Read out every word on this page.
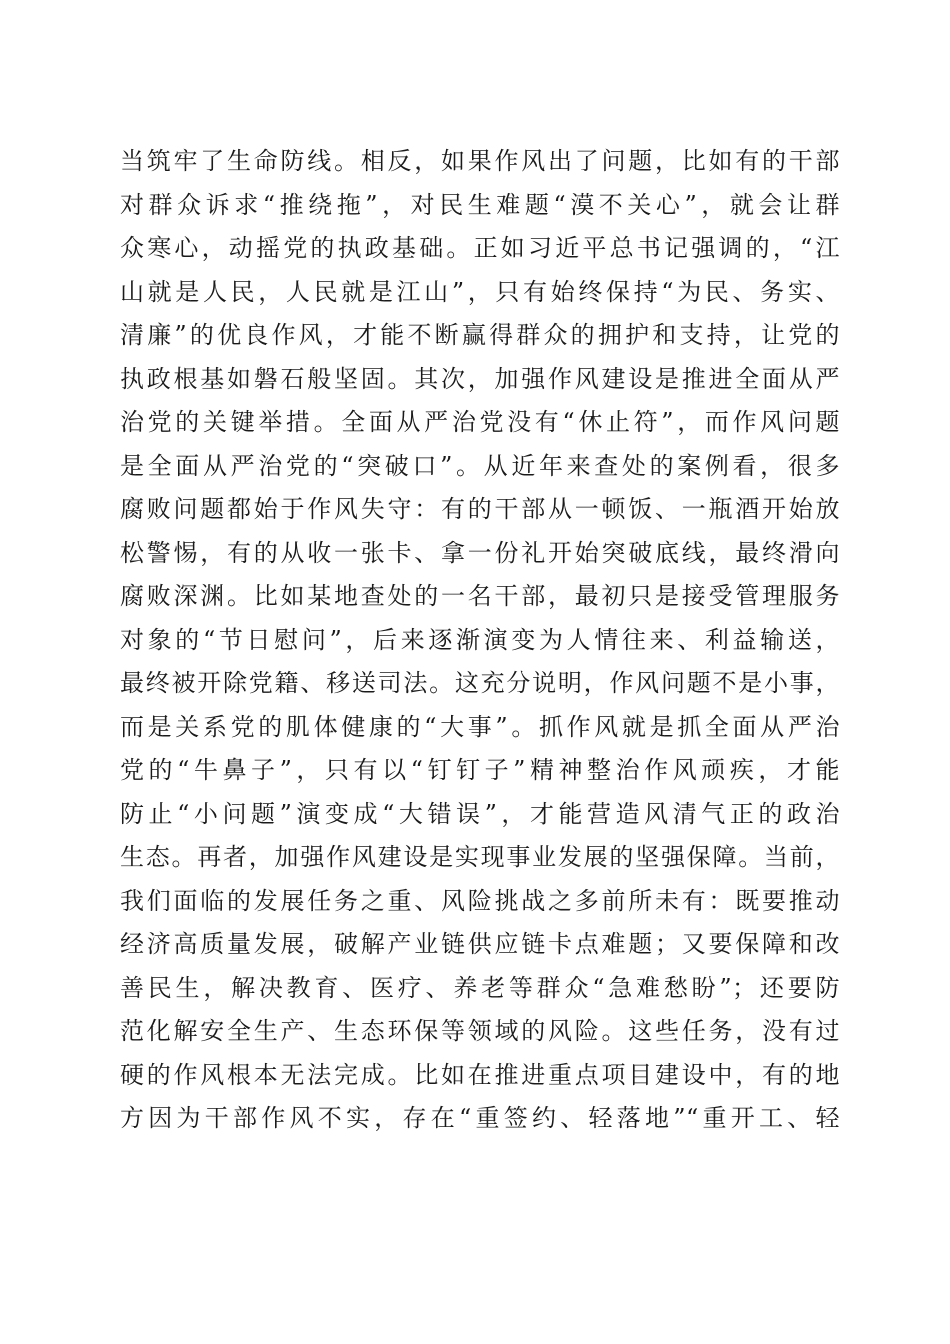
当筑牢了生命防线。相反，如果作风出了问题，比如有的干部
对群众诉求“推绕拖”，对民生难题“漠不关心”，就会让群
众寒心，动摇党的执政基础。正如习近平总书记强调的，“江
山就是人民，人民就是江山”，只有始终保持“为民、务实、
清廉”的优良作风，才能不断赢得群众的拥护和支持，让党的
执政根基如磐石般坚固。其次，加强作风建设是推进全面从严
治党的关键举措。全面从严治党没有“休止符”，而作风问题
是全面从严治党的“突破口”。从近年来查处的案例看，很多
腐败问题都始于作风失守：有的干部从一顿饭、一瓶酒开始放
松警惕，有的从收一张卡、拿一份礼开始突破底线，最终滑向
腐败深渊。比如某地查处的一名干部，最初只是接受管理服务
对象的“节日慰问”，后来逐渐演变为人情往来、利益输送，
最终被开除党籍、移送司法。这充分说明，作风问题不是小事，
而是关系党的肌体健康的“大事”。抓作风就是抓全面从严治
党的“牛鼻子”，只有以“钉钉子”精神整治作风顽疾，才能
防止“小问题”演变成“大错误”，才能营造风清气正的政治
生态。再者，加强作风建设是实现事业发展的坚强保障。当前，
我们面临的发展任务之重、风险挑战之多前所未有：既要推动
经济高质量发展，破解产业链供应链卡点难题；又要保障和改
善民生，解决教育、医疗、养老等群众“急难愁盼”；还要防
范化解安全生产、生态环保等领域的风险。这些任务，没有过
硬的作风根本无法完成。比如在推进重点项目建设中，有的地
方因为干部作风不实，存在“重签约、轻落地”“重开工、轻
